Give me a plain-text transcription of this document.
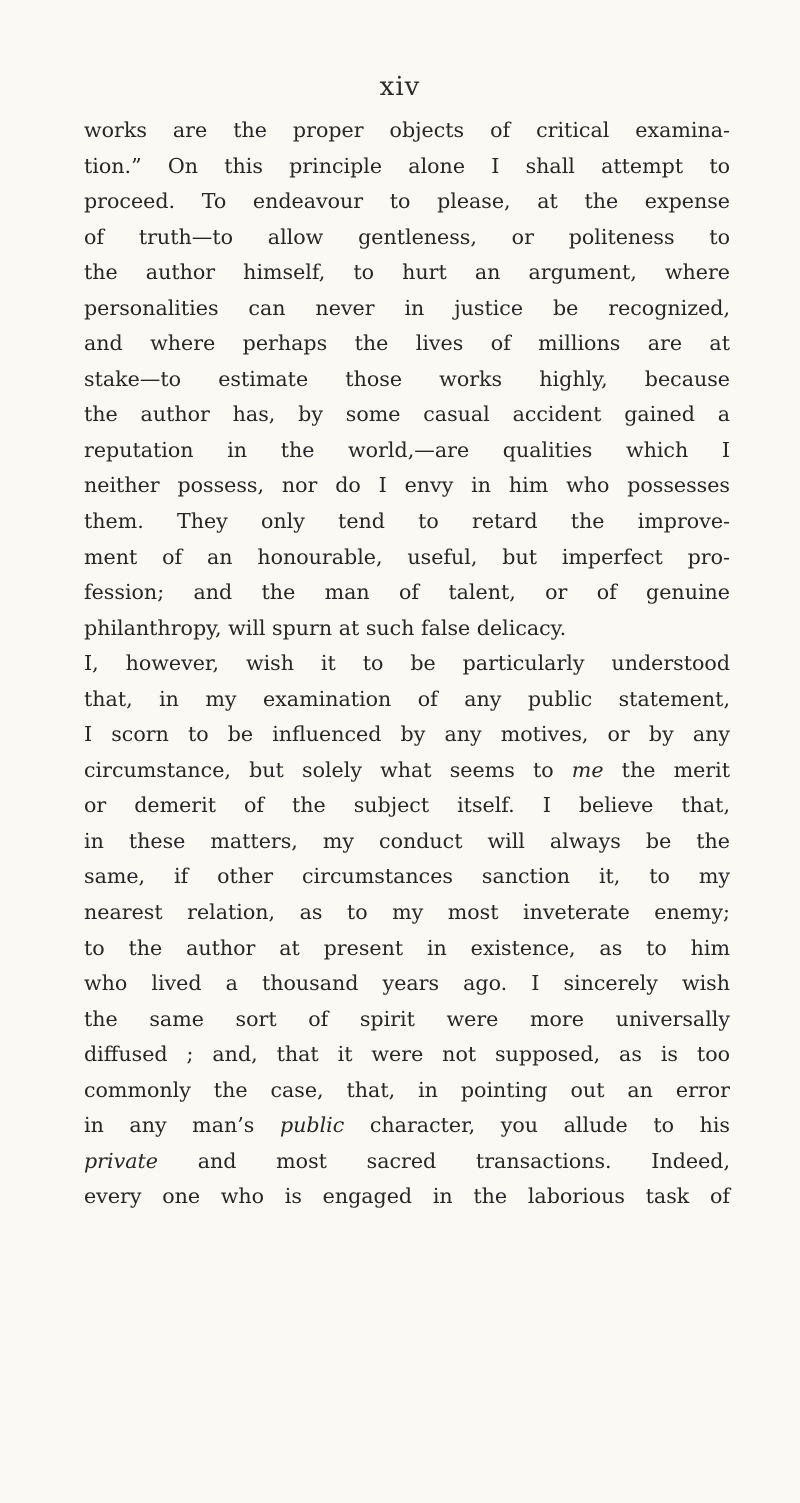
xiv
works are the proper objects of critical examina-
tion.” On this principle alone I shall attempt to
proceed. To endeavour to please, at the expense
of truth—to allow gentleness, or politeness to
the author himself, to hurt an argument, where
personalities can never in justice be recognized,
and where perhaps the lives of millions are at
stake—to estimate those works highly, because
the author has, by some casual accident gained a
reputation in the world,—are qualities which I
neither possess, nor do I envy in him who possesses
them. They only tend to retard the improve-
ment of an honourable, useful, but imperfect pro-
fession; and the man of talent, or of genuine
philanthropy, will spurn at such false delicacy.
I, however, wish it to be particularly understood
that, in my examination of any public statement,
I scorn to be influenced by any motives, or by any
circumstance, but solely what seems to me the merit
or demerit of the subject itself. I believe that,
in these matters, my conduct will always be the
same, if other circumstances sanction it, to my
nearest relation, as to my most inveterate enemy;
to the author at present in existence, as to him
who lived a thousand years ago. I sincerely wish
the same sort of spirit were more universally
diffused ; and, that it were not supposed, as is too
commonly the case, that, in pointing out an error
in any man’s public character, you allude to his
private and most sacred transactions. Indeed,
every one who is engaged in the laborious task of
